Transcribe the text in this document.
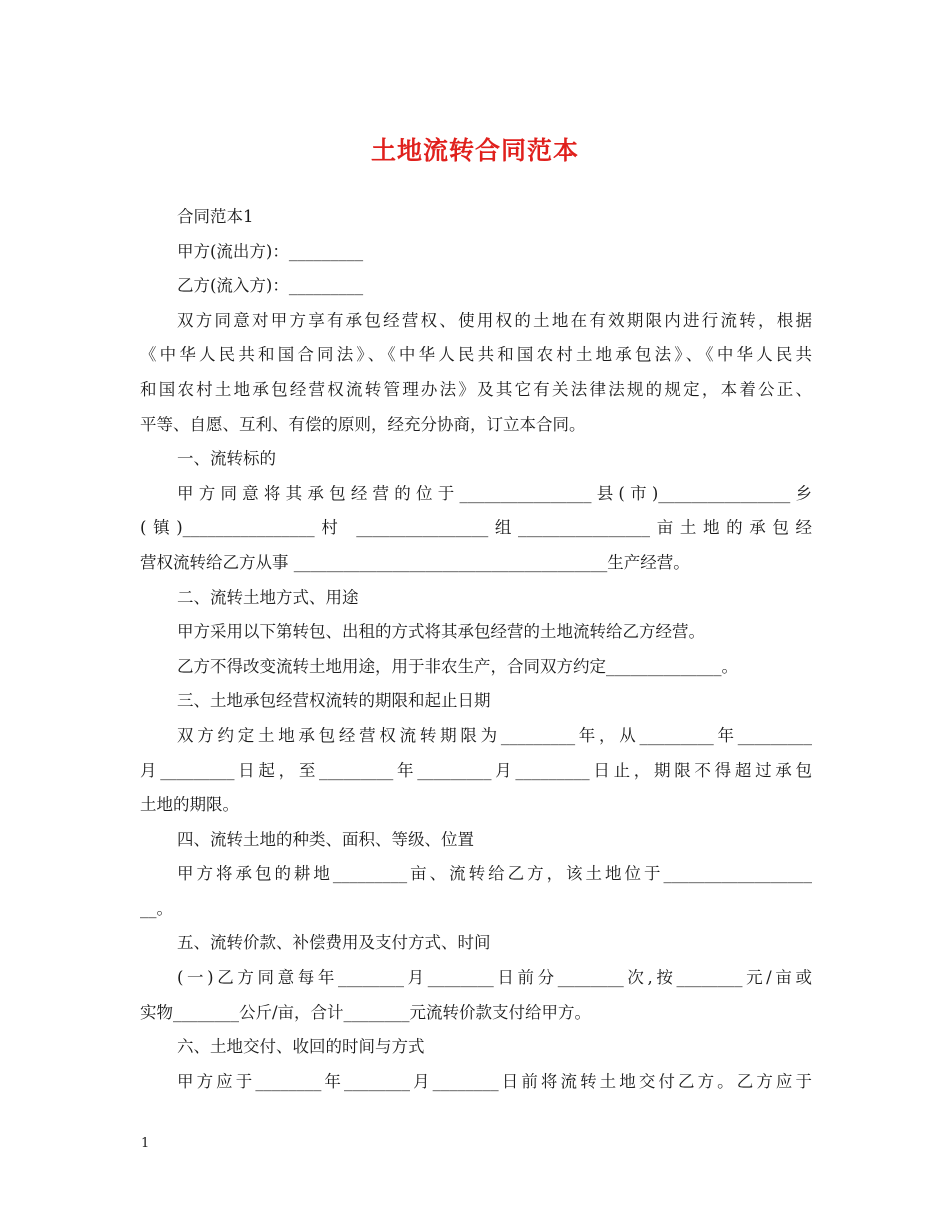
土地流转合同范本

合同范本1

甲方(流出方)：_________

乙方(流入方)：_________

双方同意对甲方享有承包经营权、使用权的土地在有效期限内进行流转，根据

《中华人民共和国合同法》、《中华人民共和国农村土地承包法》、《中华人民共

和国农村土地承包经营权流转管理办法》及其它有关法律法规的规定，本着公正、

平等、自愿、互利、有偿的原则，经充分协商，订立本合同。

一、流转标的

甲方同意将其承包经营的位于________________县(市)________________乡

(镇)________________村 ________________组________________亩土地的承包经

营权流转给乙方从事 ______________________________________生产经营。

二、流转土地方式、用途

甲方采用以下第转包、出租的方式将其承包经营的土地流转给乙方经营。

乙方不得改变流转土地用途，用于非农生产，合同双方约定______________。

三、土地承包经营权流转的期限和起止日期

双方约定土地承包经营权流转期限为_________年，从_________年_________

月_________日起，至_________年_________月_________日止，期限不得超过承包

土地的期限。

四、流转土地的种类、面积、等级、位置

甲方将承包的耕地_________亩、流转给乙方，该土地位于__________________

__。

五、流转价款、补偿费用及支付方式、时间

(一)乙方同意每年________月________日前分________次,按________元/亩或

实物________公斤/亩，合计________元流转价款支付给甲方。

六、土地交付、收回的时间与方式

甲方应于________年________月________日前将流转土地交付乙方。乙方应于

1
